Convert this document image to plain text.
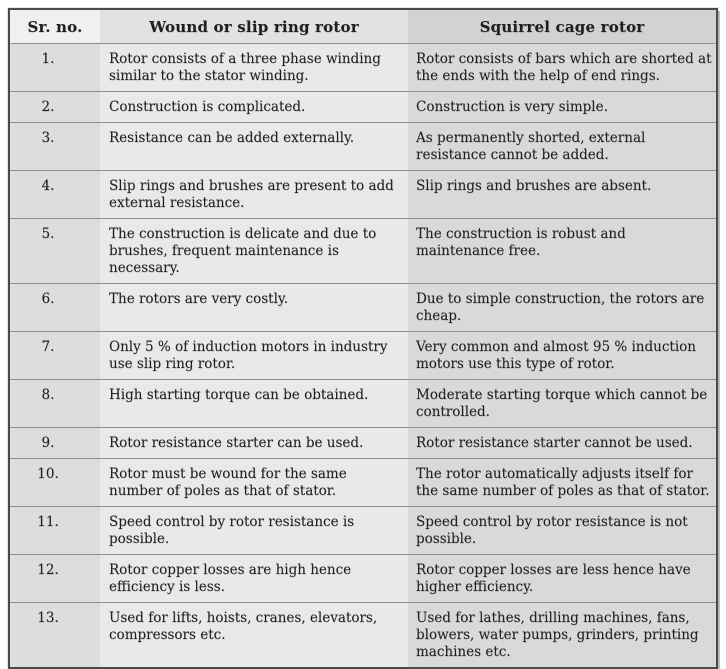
Sr. no.	Wound or slip ring rotor	Squirrel cage rotor
1.	Rotor consists of a three phase winding similar to the stator winding.	Rotor consists of bars which are shorted at the ends with the help of end rings.
2.	Construction is complicated.	Construction is very simple.
3.	Resistance can be added externally.	As permanently shorted, external resistance cannot be added.
4.	Slip rings and brushes are present to add external resistance.	Slip rings and brushes are absent.
5.	The construction is delicate and due to brushes, frequent maintenance is necessary.	The construction is robust and maintenance free.
6.	The rotors are very costly.	Due to simple construction, the rotors are cheap.
7.	Only 5 % of induction motors in industry use slip ring rotor.	Very common and almost 95 % induction motors use this type of rotor.
8.	High starting torque can be obtained.	Moderate starting torque which cannot be controlled.
9.	Rotor resistance starter can be used.	Rotor resistance starter cannot be used.
10.	Rotor must be wound for the same number of poles as that of stator.	The rotor automatically adjusts itself for the same number of poles as that of stator.
11.	Speed control by rotor resistance is possible.	Speed control by rotor resistance is not possible.
12.	Rotor copper losses are high hence efficiency is less.	Rotor copper losses are less hence have higher efficiency.
13.	Used for lifts, hoists, cranes, elevators, compressors etc.	Used for lathes, drilling machines, fans, blowers, water pumps, grinders, printing machines etc.
